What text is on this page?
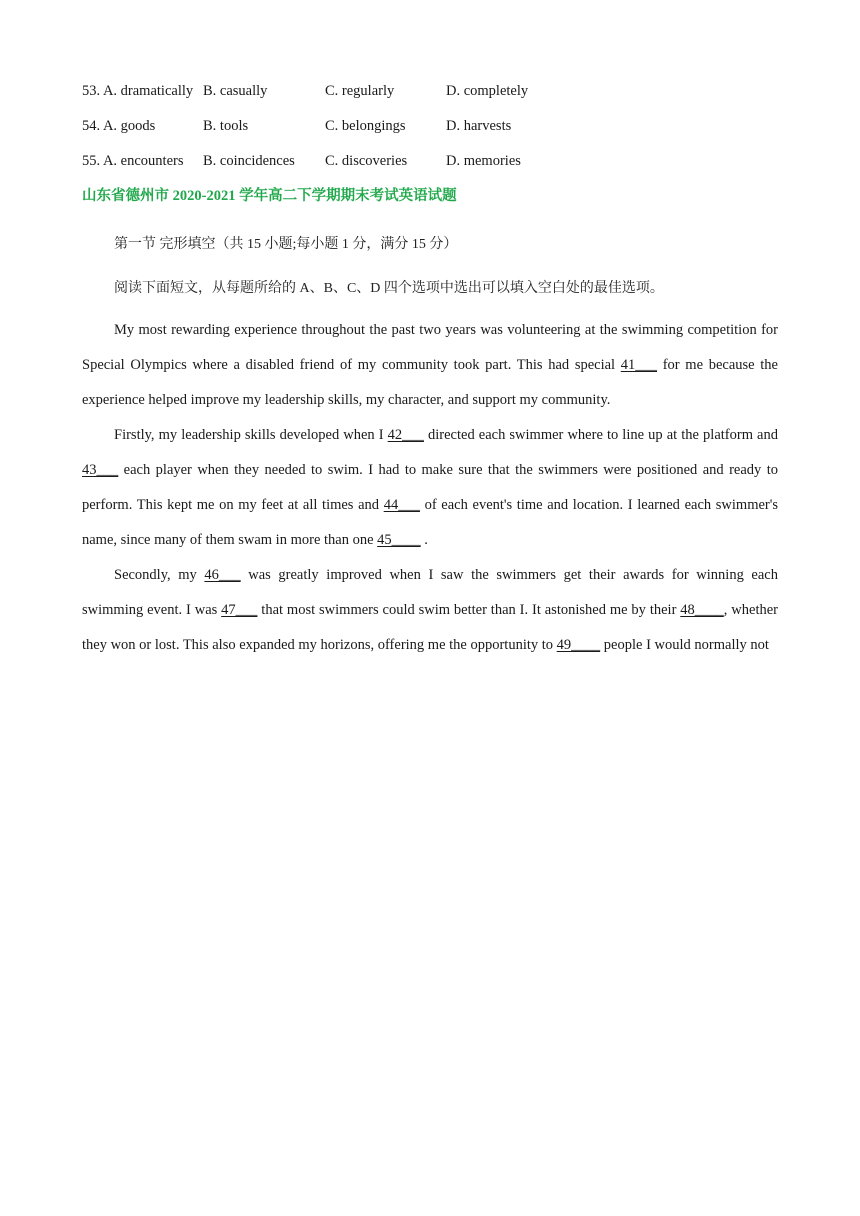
53. A. dramatically B. casually	C. regularly	D. completely
54. A. goods	B. tools	C. belongings	D. harvests
55. A. encounters B. coincidences C. discoveries	D. memories
山东省德州市 2020-2021 学年高二下学期期末考试英语试题
第一节 完形填空（共 15 小题;每小题 1 分，满分 15 分）
阅读下面短文，从每题所给的 A、B、C、D 四个选项中选出可以填入空白处的最佳选项。

My most rewarding experience throughout the past two years was volunteering at the swimming competition for Special Olympics where a disabled friend of my community took part. This had special 41___ for me because the experience helped improve my leadership skills, my character, and support my community.

Firstly, my leadership skills developed when I 42___ directed each swimmer where to line up at the platform and 43___ each player when they needed to swim. I had to make sure that the swimmers were positioned and ready to perform. This kept me on my feet at all times and 44___ of each event's time and location. I learned each swimmer's name, since many of them swam in more than one 45____ .

Secondly, my 46___ was greatly improved when I saw the swimmers get their awards for winning each swimming event. I was 47___ that most swimmers could swim better than I. It astonished me by their 48____, whether they won or lost. This also expanded my horizons, offering me the opportunity to 49____ people I would normally not
